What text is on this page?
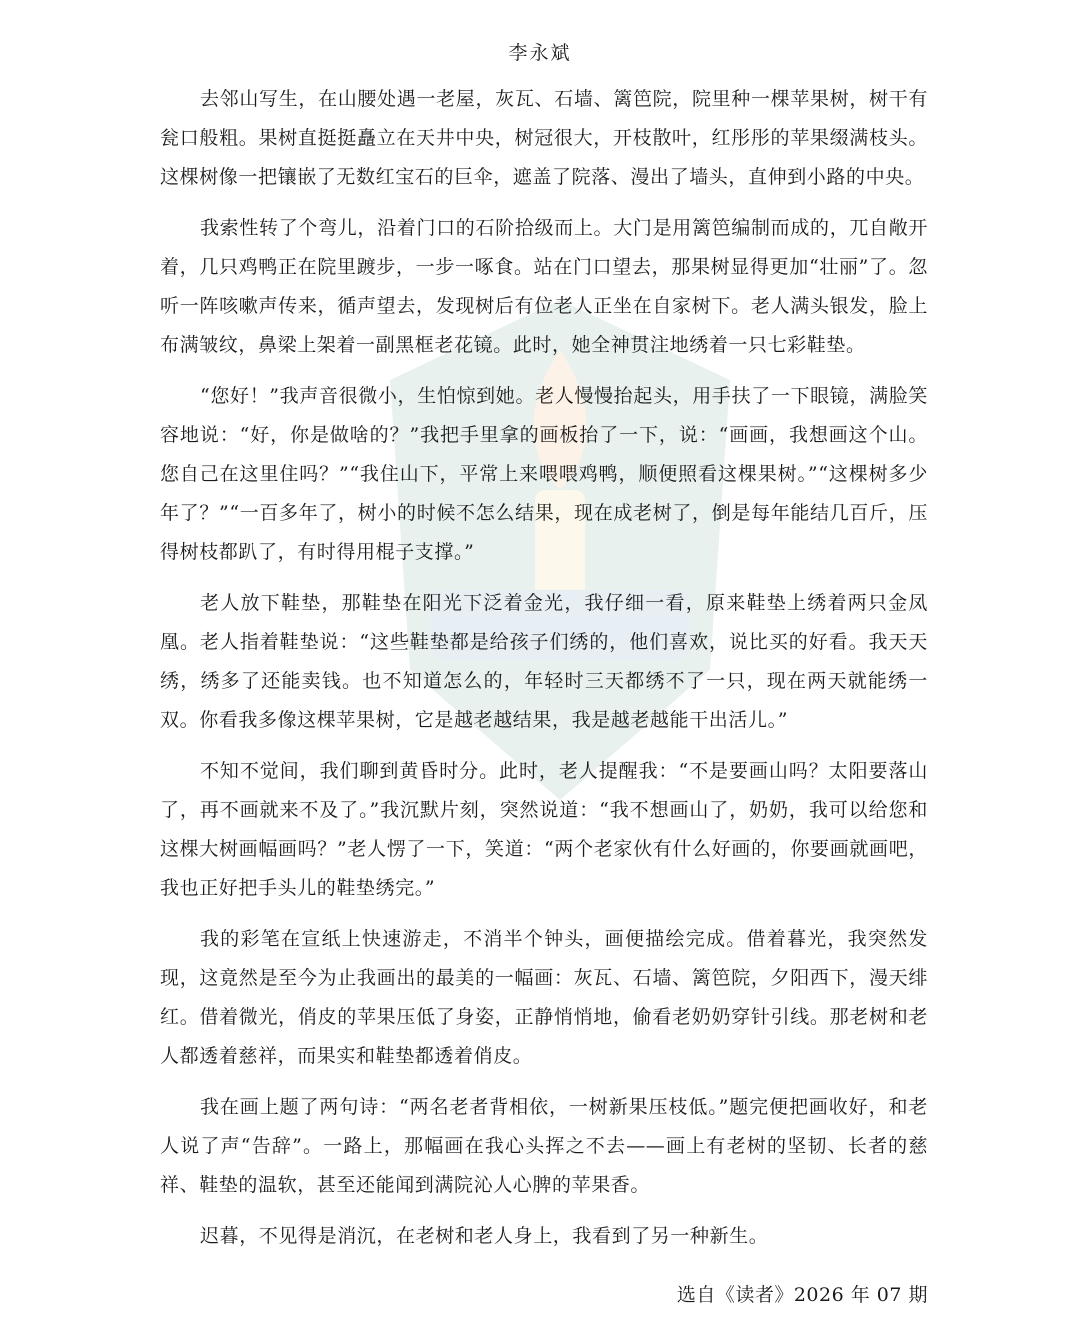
李永斌

去邻山写生，在山腰处遇一老屋，灰瓦、石墙、篱笆院，院里种一棵苹果树，树干有瓮口般粗。果树直挺挺矗立在天井中央，树冠很大，开枝散叶，红彤彤的苹果缀满枝头。这棵树像一把镶嵌了无数红宝石的巨伞，遮盖了院落、漫出了墙头，直伸到小路的中央。

我索性转了个弯儿，沿着门口的石阶拾级而上。大门是用篱笆编制而成的，兀自敞开着，几只鸡鸭正在院里踱步，一步一啄食。站在门口望去，那果树显得更加“壮丽”了。忽听一阵咳嗽声传来，循声望去，发现树后有位老人正坐在自家树下。老人满头银发，脸上布满皱纹，鼻梁上架着一副黑框老花镜。此时，她全神贯注地绣着一只七彩鞋垫。

“您好！”我声音很微小，生怕惊到她。老人慢慢抬起头，用手扶了一下眼镜，满脸笑容地说：“好，你是做啥的？”我把手里拿的画板抬了一下，说：“画画，我想画这个山。您自己在这里住吗？”“我住山下，平常上来喂喂鸡鸭，顺便照看这棵果树。”“这棵树多少年了？”“一百多年了，树小的时候不怎么结果，现在成老树了，倒是每年能结几百斤，压得树枝都趴了，有时得用棍子支撑。”

老人放下鞋垫，那鞋垫在阳光下泛着金光，我仔细一看，原来鞋垫上绣着两只金凤凰。老人指着鞋垫说：“这些鞋垫都是给孩子们绣的，他们喜欢，说比买的好看。我天天绣，绣多了还能卖钱。也不知道怎么的，年轻时三天都绣不了一只，现在两天就能绣一双。你看我多像这棵苹果树，它是越老越结果，我是越老越能干出活儿。”

不知不觉间，我们聊到黄昏时分。此时，老人提醒我：“不是要画山吗？太阳要落山了，再不画就来不及了。”我沉默片刻，突然说道：“我不想画山了，奶奶，我可以给您和这棵大树画幅画吗？”老人愣了一下，笑道：“两个老家伙有什么好画的，你要画就画吧，我也正好把手头儿的鞋垫绣完。”

我的彩笔在宣纸上快速游走，不消半个钟头，画便描绘完成。借着暮光，我突然发现，这竟然是至今为止我画出的最美的一幅画：灰瓦、石墙、篱笆院，夕阳西下，漫天绯红。借着微光，俏皮的苹果压低了身姿，正静悄悄地，偷看老奶奶穿针引线。那老树和老人都透着慈祥，而果实和鞋垫都透着俏皮。

我在画上题了两句诗：“两名老者背相依，一树新果压枝低。”题完便把画收好，和老人说了声“告辞”。一路上，那幅画在我心头挥之不去——画上有老树的坚韧、长者的慈祥、鞋垫的温软，甚至还能闻到满院沁人心脾的苹果香。

迟暮，不见得是消沉，在老树和老人身上，我看到了另一种新生。

选自《读者》2026 年 07 期
